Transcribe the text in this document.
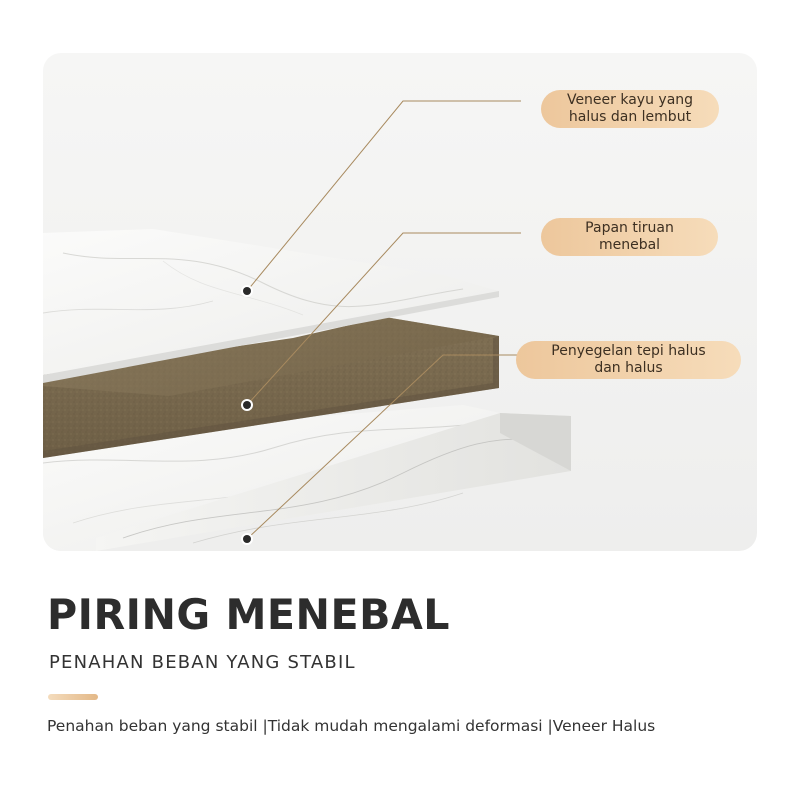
Veneer kayu yang
halus dan lembut
Papan tiruan
menebal
Penyegelan tepi halus
dan halus
PIRING MENEBAL
PENAHAN BEBAN YANG STABIL
Penahan beban yang stabil |Tidak mudah mengalami deformasi |Veneer Halus
